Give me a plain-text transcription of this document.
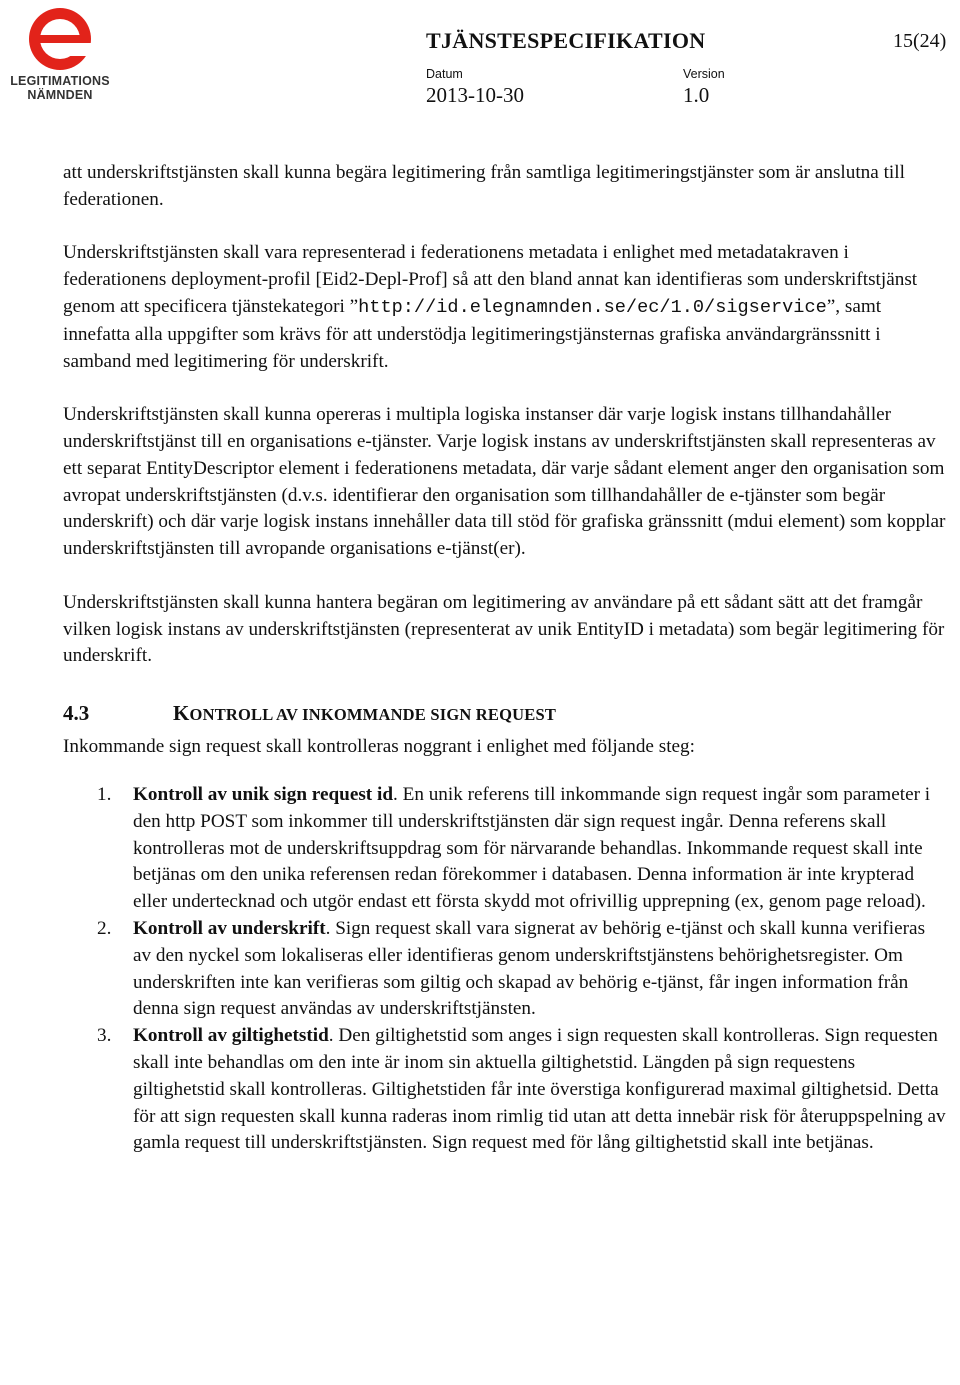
LEGITIMATIONS
NÄMNDEN
TJÄNSTESPECIFIKATION	15(24)
Datum
2013-10-30
Version
1.0

att underskriftstjänsten skall kunna begära legitimering från samtliga legitimeringstjänster som är anslutna till federationen.

Underskriftstjänsten skall vara representerad i federationens metadata i enlighet med metadatakraven i federationens deployment-profil [Eid2-Depl-Prof] så att den bland annat kan identifieras som underskriftstjänst genom att specificera tjänstekategori ”http://id.elegnamnden.se/ec/1.0/sigservice”, samt innefatta alla uppgifter som krävs för att understödja legitimeringstjänsternas grafiska användargränssnitt i samband med legitimering för underskrift.

Underskriftstjänsten skall kunna opereras i multipla logiska instanser där varje logisk instans tillhandahåller underskriftstjänst till en organisations e-tjänster. Varje logisk instans av underskriftstjänsten skall representeras av ett separat EntityDescriptor element i federationens metadata, där varje sådant element anger den organisation som avropat underskriftstjänsten (d.v.s. identifierar den organisation som tillhandahåller de e-tjänster som begär underskrift) och där varje logisk instans innehåller data till stöd för grafiska gränssnitt (mdui element) som kopplar underskriftstjänsten till avropande organisations e-tjänst(er).

Underskriftstjänsten skall kunna hantera begäran om legitimering av användare på ett sådant sätt att det framgår vilken logisk instans av underskriftstjänsten (representerat av unik EntityID i metadata) som begär legitimering för underskrift.

4.3	KONTROLL AV INKOMMANDE SIGN REQUEST

Inkommande sign request skall kontrolleras noggrant i enlighet med följande steg:

1. Kontroll av unik sign request id. En unik referens till inkommande sign request ingår som parameter i den http POST som inkommer till underskriftstjänsten där sign request ingår. Denna referens skall kontrolleras mot de underskriftsuppdrag som för närvarande behandlas. Inkommande request skall inte betjänas om den unika referensen redan förekommer i databasen. Denna information är inte krypterad eller undertecknad och utgör endast ett första skydd mot ofrivillig upprepning (ex, genom page reload).
2. Kontroll av underskrift. Sign request skall vara signerat av behörig e-tjänst och skall kunna verifieras av den nyckel som lokaliseras eller identifieras genom underskriftstjänstens behörighetsregister. Om underskriften inte kan verifieras som giltig och skapad av behörig e-tjänst, får ingen information från denna sign request användas av underskriftstjänsten.
3. Kontroll av giltighetstid. Den giltighetstid som anges i sign requesten skall kontrolleras. Sign requesten skall inte behandlas om den inte är inom sin aktuella giltighetstid. Längden på sign requestens giltighetstid skall kontrolleras. Giltighetstiden får inte överstiga konfigurerad maximal giltighetsid. Detta för att sign requesten skall kunna raderas inom rimlig tid utan att detta innebär risk för återuppspelning av gamla request till underskriftstjänsten. Sign request med för lång giltighetstid skall inte betjänas.
